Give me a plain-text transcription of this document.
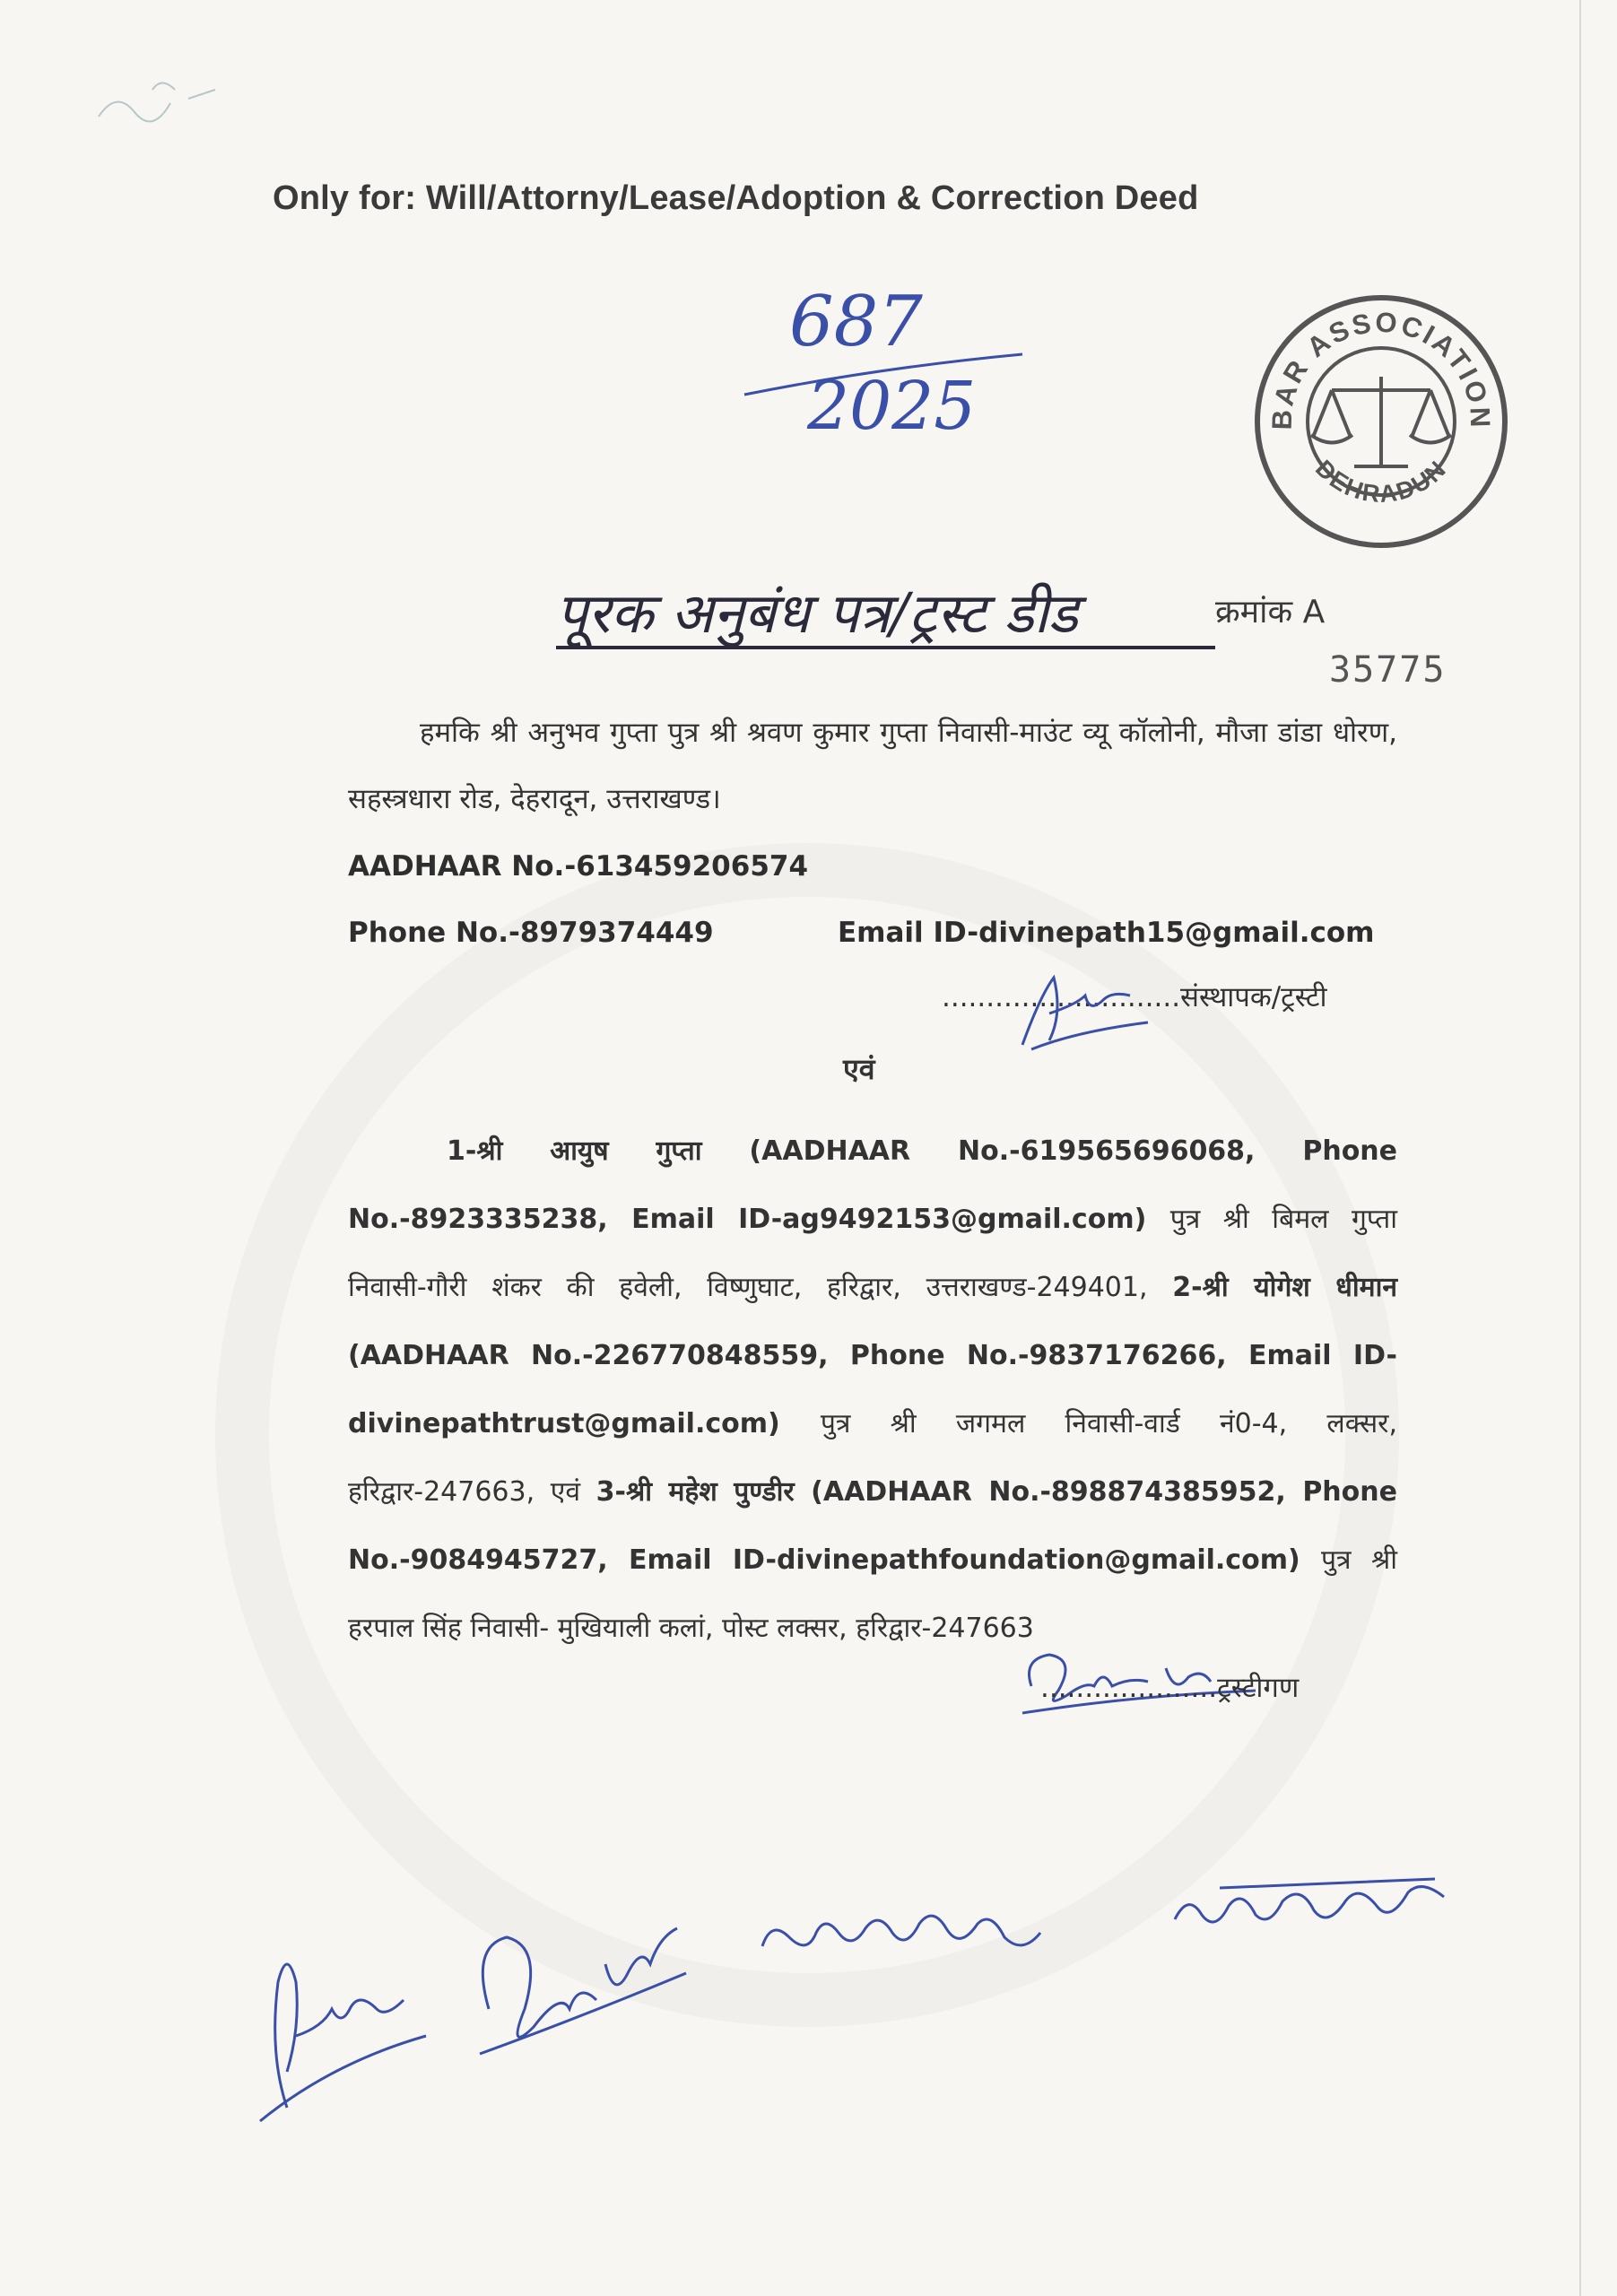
Only for: Will/Attorny/Lease/Adoption & Correction Deed
687
2025	BAR ASSOCIATION
DEHRADUN
पूरक अनुबंध पत्र/ट्रस्ट डीड	क्रमांक A
35775
हमकि श्री अनुभव गुप्ता पुत्र श्री श्रवण कुमार गुप्ता निवासी-माउंट व्यू कॉलोनी, मौजा डांडा धोरण, सहस्त्रधारा रोड, देहरादून, उत्तराखण्ड।
AADHAAR No.-613459206574
Phone No.-8979374449	Email ID-divinepath15@gmail.com
...........................संस्थापक/ट्रस्टी
एवं
1-श्री आयुष गुप्ता (AADHAAR No.-619565696068, Phone No.-8923335238, Email ID-ag9492153@gmail.com) पुत्र श्री बिमल गुप्ता निवासी-गौरी शंकर की हवेली, विष्णुघाट, हरिद्वार, उत्तराखण्ड-249401, 2-श्री योगेश धीमान (AADHAAR No.-226770848559, Phone No.-9837176266, Email ID-divinepathtrust@gmail.com) पुत्र श्री जगमल निवासी-वार्ड नं0-4, लक्सर, हरिद्वार-247663, एवं 3-श्री महेश पुण्डीर (AADHAAR No.-898874385952, Phone No.-9084945727, Email ID-divinepathfoundation@gmail.com) पुत्र श्री हरपाल सिंह निवासी- मुखियाली कलां, पोस्ट लक्सर, हरिद्वार-247663
....................ट्रस्टीगण
